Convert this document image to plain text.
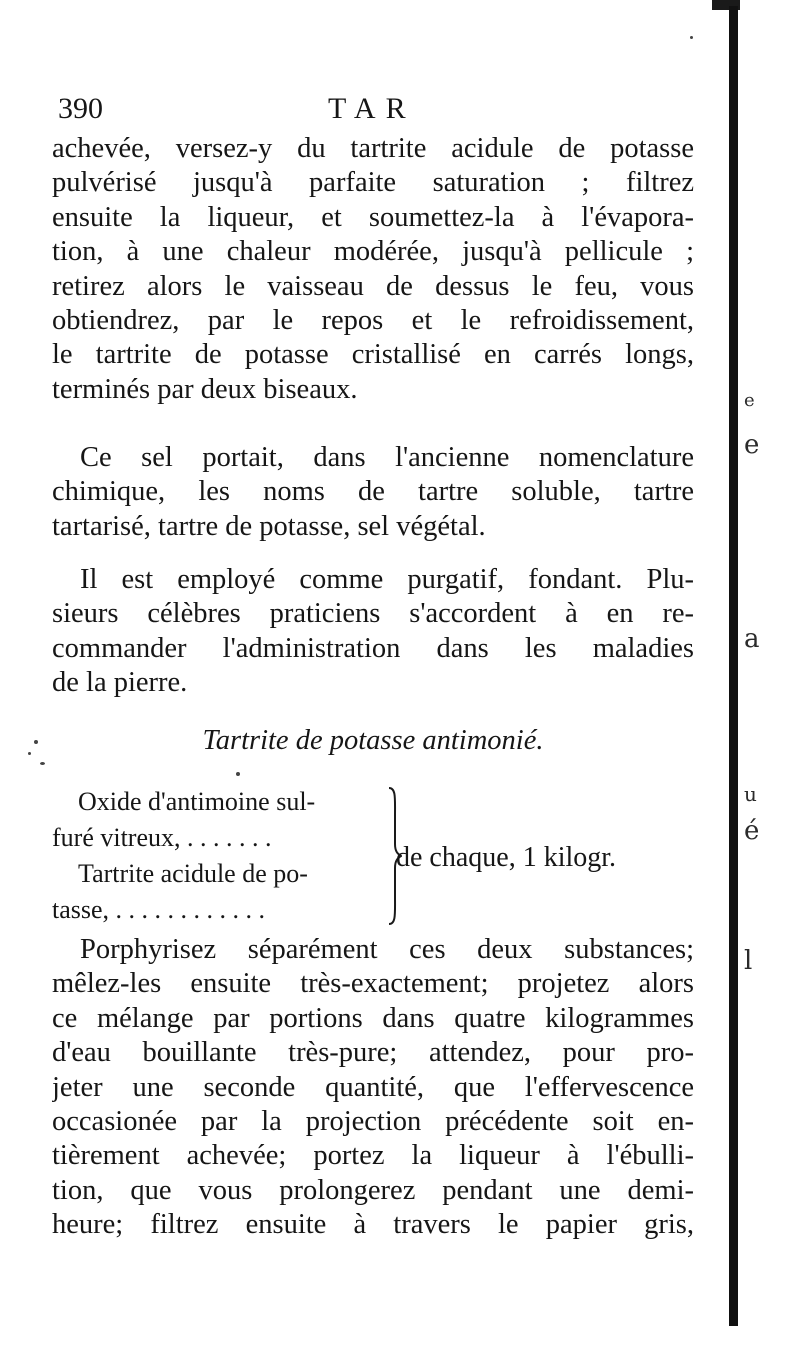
e
e
a
u
é
l
390	TAR
achevée, versez-y du tartrite acidule de potasse
pulvérisé jusqu'à parfaite saturation ; filtrez
ensuite la liqueur, et soumettez-la à l'évapora-
tion, à une chaleur modérée, jusqu'à pellicule ;
retirez alors le vaisseau de dessus le feu, vous
obtiendrez, par le repos et le refroidissement,
le tartrite de potasse cristallisé en carrés longs,
terminés par deux biseaux.
Ce sel portait, dans l'ancienne nomenclature
chimique, les noms de tartre soluble, tartre
tartarisé, tartre de potasse, sel végétal.
Il est employé comme purgatif, fondant. Plu-
sieurs célèbres praticiens s'accordent à en re-
commander l'administration dans les maladies
de la pierre.
Tartrite de potasse antimonié.
Oxide d'antimoine sul-
furé vitreux, . . . . . . .
Tartrite acidule de po-
tasse, . . . . . . . . . . . .
de chaque, 1 kilogr.
Porphyrisez séparément ces deux substances;
mêlez-les ensuite très-exactement; projetez alors
ce mélange par portions dans quatre kilogrammes
d'eau bouillante très-pure; attendez, pour pro-
jeter une seconde quantité, que l'effervescence
occasionée par la projection précédente soit en-
tièrement achevée; portez la liqueur à l'ébulli-
tion, que vous prolongerez pendant une demi-
heure; filtrez ensuite à travers le papier gris,
